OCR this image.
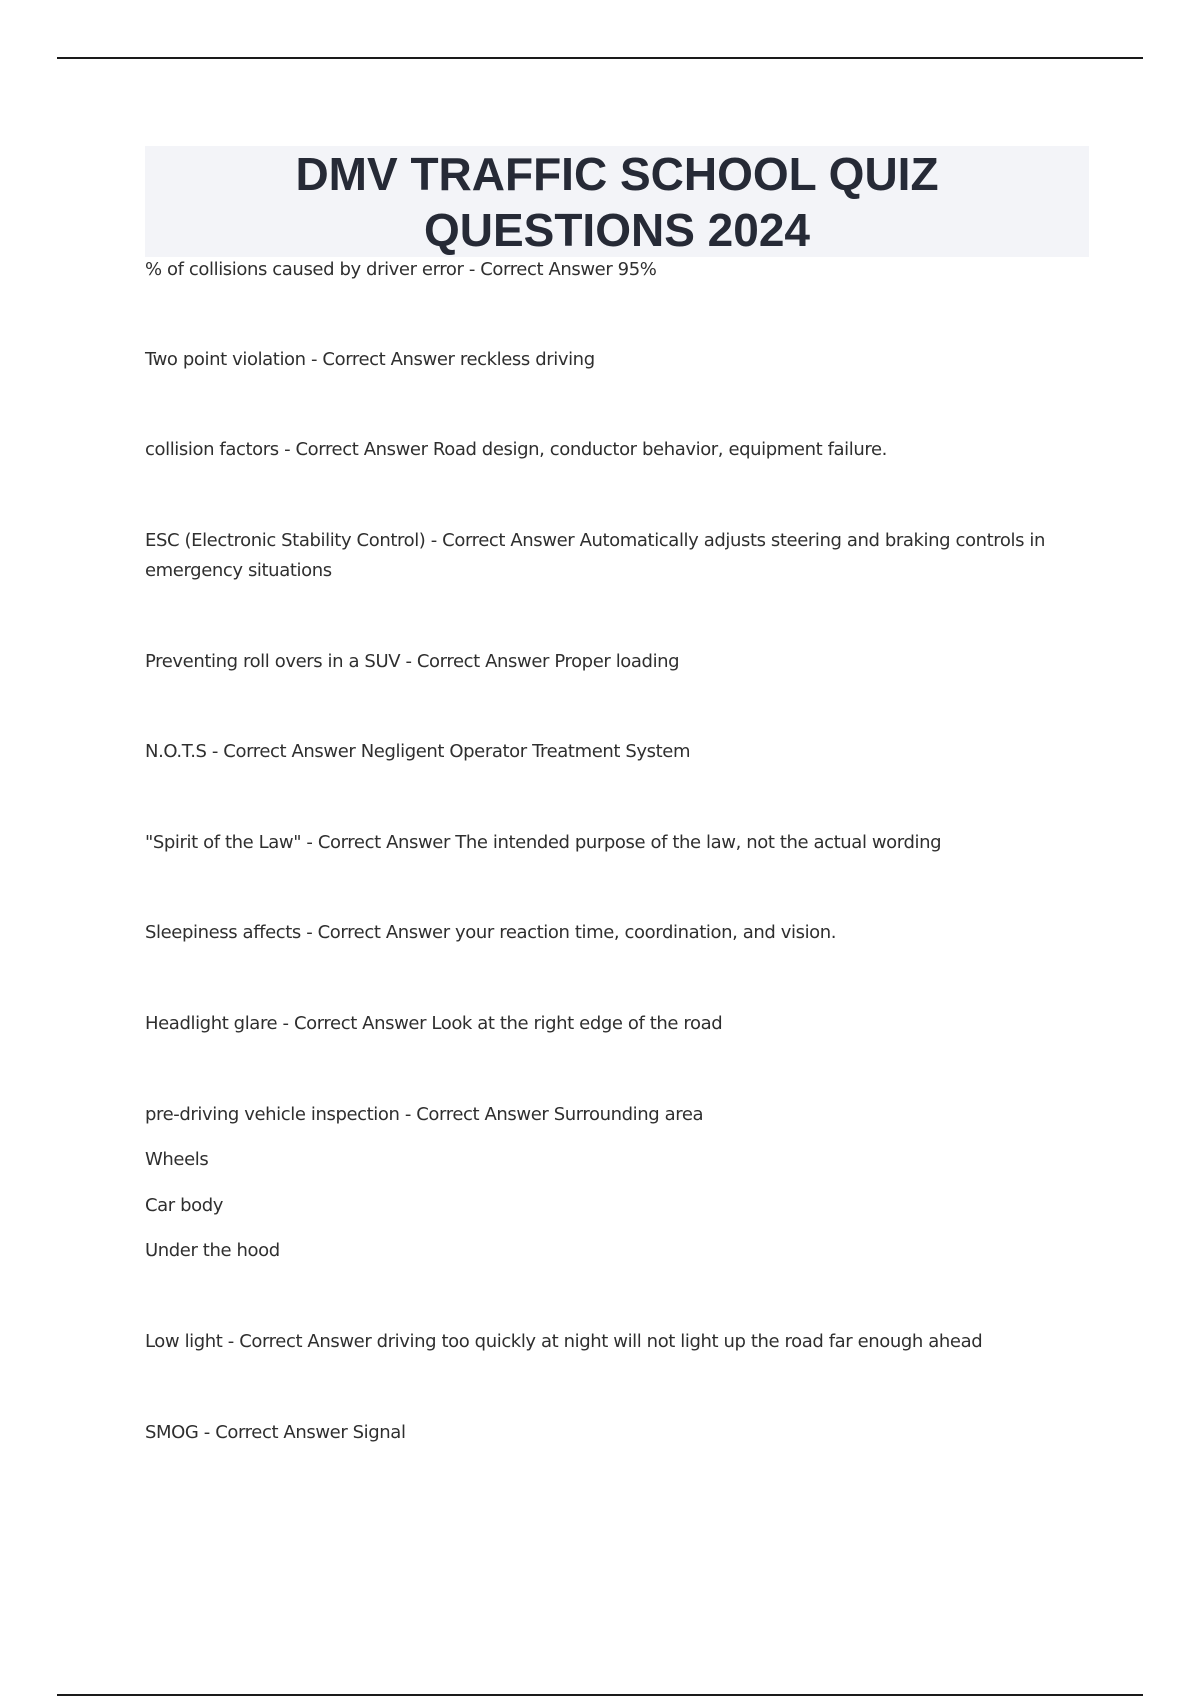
DMV TRAFFIC SCHOOL QUIZ
QUESTIONS 2024

% of collisions caused by driver error - Correct Answer 95%

Two point violation - Correct Answer reckless driving

collision factors - Correct Answer Road design, conductor behavior, equipment failure.

ESC (Electronic Stability Control) - Correct Answer Automatically adjusts steering and braking controls in emergency situations

Preventing roll overs in a SUV - Correct Answer Proper loading

N.O.T.S - Correct Answer Negligent Operator Treatment System

"Spirit of the Law" - Correct Answer The intended purpose of the law, not the actual wording

Sleepiness affects - Correct Answer your reaction time, coordination, and vision.

Headlight glare - Correct Answer Look at the right edge of the road

pre-driving vehicle inspection - Correct Answer Surrounding area

Wheels

Car body

Under the hood

Low light - Correct Answer driving too quickly at night will not light up the road far enough ahead

SMOG - Correct Answer Signal
